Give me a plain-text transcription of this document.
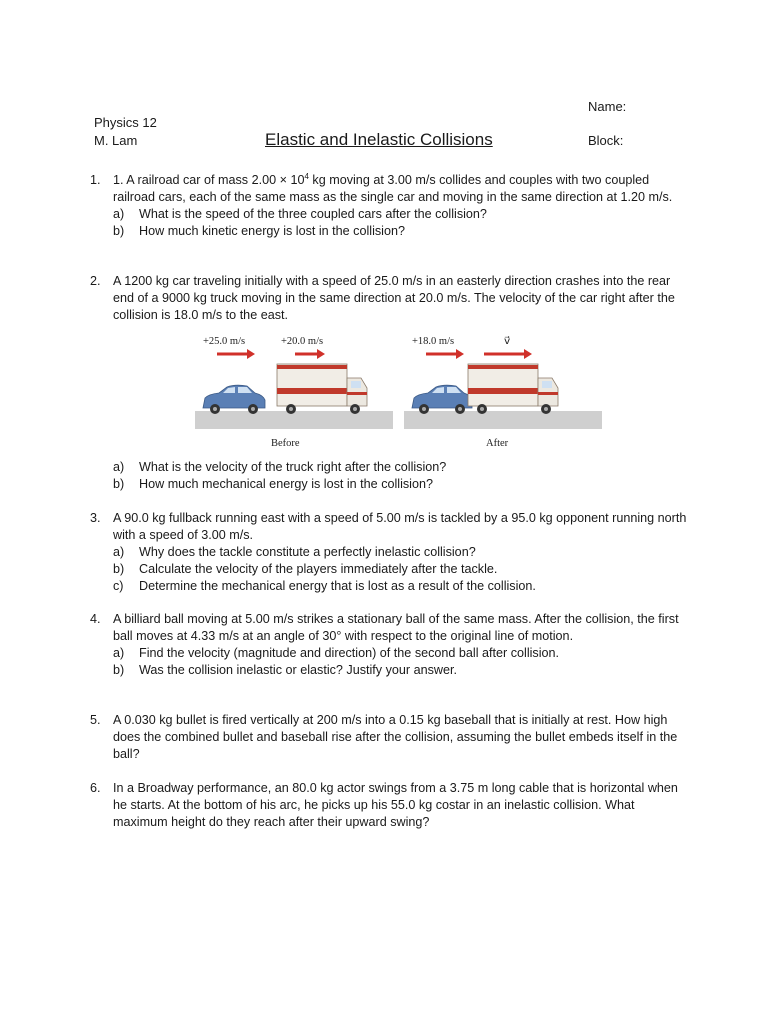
Name:
Physics 12
M. Lam	Elastic and Inelastic Collisions	Block:
1. 1. A railroad car of mass $2.00 \times 10^4$ kg moving at 3.00 m/s collides and couples with two coupled railroad cars, each of the same mass as the single car and moving in the same direction at 1.20 m/s.
a) What is the speed of the three coupled cars after the collision?
b) How much kinetic energy is lost in the collision?
2. A 1200 kg car traveling initially with a speed of 25.0 m/s in an easterly direction crashes into the rear end of a 9000 kg truck moving in the same direction at 20.0 m/s. The velocity of the car right after the collision is 18.0 m/s to the east.
+25.0 m/s	+20.0 m/s
Before
+18.0 m/s	v⃗
After
a) What is the velocity of the truck right after the collision?
b) How much mechanical energy is lost in the collision?
3. A 90.0 kg fullback running east with a speed of 5.00 m/s is tackled by a 95.0 kg opponent running north with a speed of 3.00 m/s.
a) Why does the tackle constitute a perfectly inelastic collision?
b) Calculate the velocity of the players immediately after the tackle.
c) Determine the mechanical energy that is lost as a result of the collision.
4. A billiard ball moving at 5.00 m/s strikes a stationary ball of the same mass. After the collision, the first ball moves at 4.33 m/s at an angle of 30° with respect to the original line of motion.
a) Find the velocity (magnitude and direction) of the second ball after collision.
b) Was the collision inelastic or elastic? Justify your answer.
5. A 0.030 kg bullet is fired vertically at 200 m/s into a 0.15 kg baseball that is initially at rest. How high does the combined bullet and baseball rise after the collision, assuming the bullet embeds itself in the ball?
6. In a Broadway performance, an 80.0 kg actor swings from a 3.75 m long cable that is horizontal when he starts. At the bottom of his arc, he picks up his 55.0 kg costar in an inelastic collision. What maximum height do they reach after their upward swing?
